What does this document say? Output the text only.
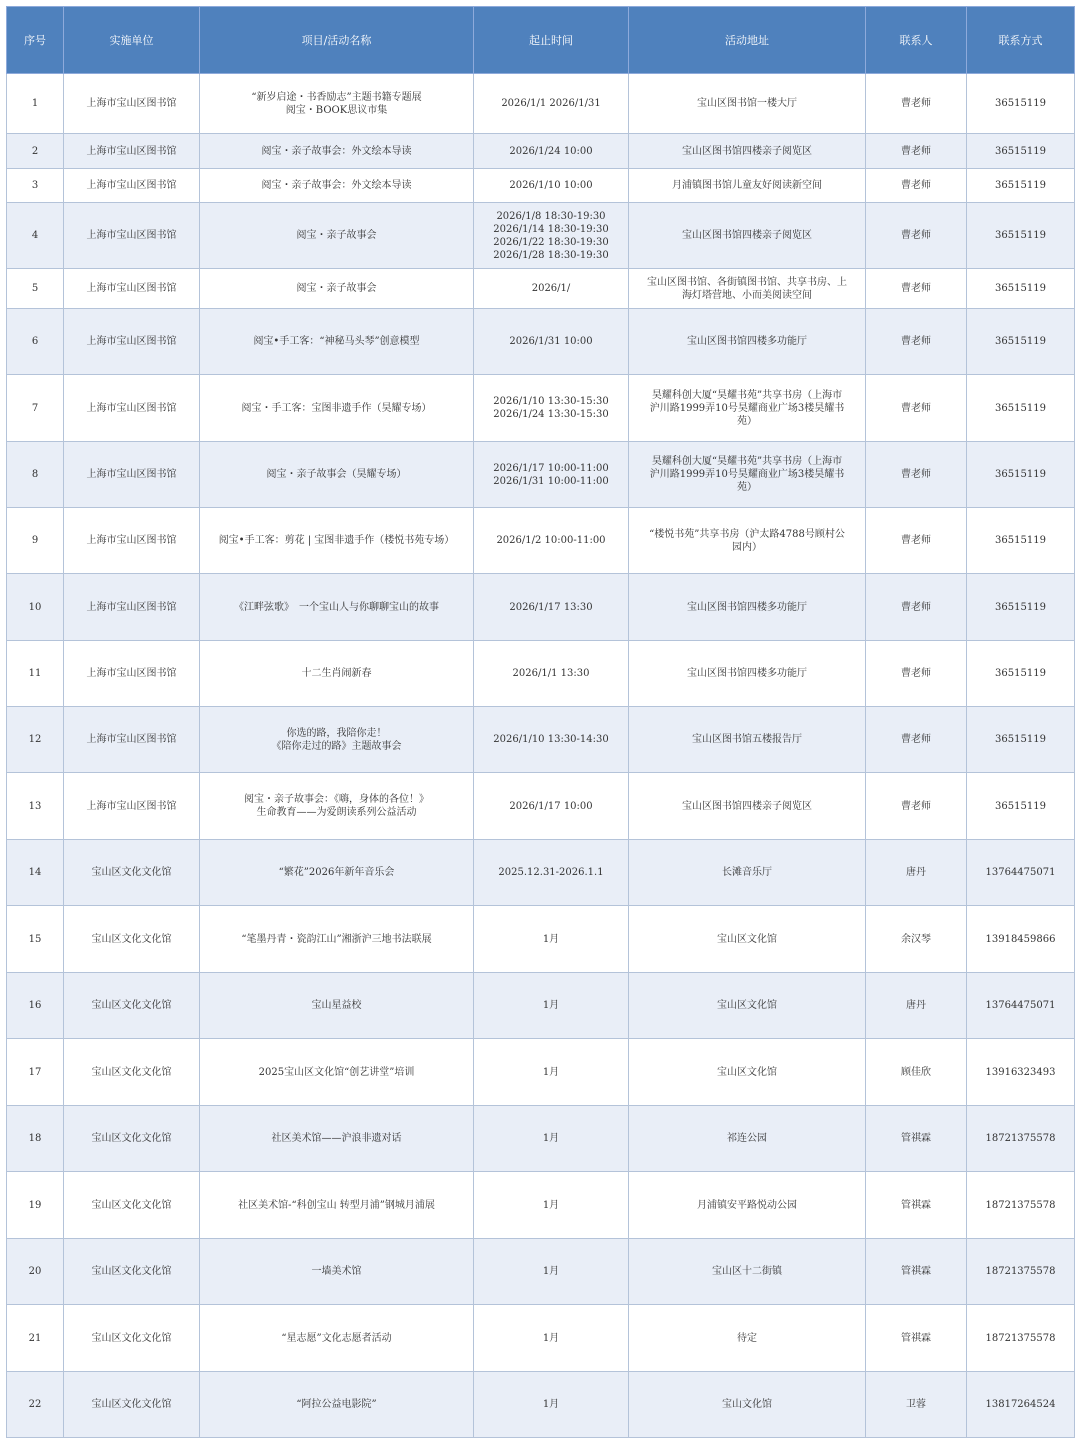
序号	实施单位	项目/活动名称	起止时间	活动地址	联系人	联系方式
1	上海市宝山区图书馆	“新岁启途・书香励志”主题书籍专题展
阅宝・BOOK思议市集	2026/1/1 2026/1/31	宝山区图书馆一楼大厅	曹老师	36515119
2	上海市宝山区图书馆	阅宝・亲子故事会：外文绘本导读	2026/1/24 10:00	宝山区图书馆四楼亲子阅览区	曹老师	36515119
3	上海市宝山区图书馆	阅宝・亲子故事会：外文绘本导读	2026/1/10 10:00	月浦镇图书馆儿童友好阅读新空间	曹老师	36515119
4	上海市宝山区图书馆	阅宝・亲子故事会	2026/1/8 18:30-19:30
2026/1/14 18:30-19:30
2026/1/22 18:30-19:30
2026/1/28 18:30-19:30	宝山区图书馆四楼亲子阅览区	曹老师	36515119
5	上海市宝山区图书馆	阅宝・亲子故事会	2026/1/	宝山区图书馆、各街镇图书馆、共享书房、上
海灯塔营地、小而美阅读空间	曹老师	36515119
6	上海市宝山区图书馆	阅宝•手工客：“神秘马头琴”创意模型	2026/1/31 10:00	宝山区图书馆四楼多功能厅	曹老师	36515119
7	上海市宝山区图书馆	阅宝・手工客：宝图非遗手作（昊耀专场）	2026/1/10 13:30-15:30
2026/1/24 13:30-15:30	昊耀科创大厦“昊耀书苑”共享书房（上海市
沪川路1999弄10号昊耀商业广场3楼昊耀书
苑）	曹老师	36515119
8	上海市宝山区图书馆	阅宝・亲子故事会（昊耀专场）	2026/1/17 10:00-11:00
2026/1/31 10:00-11:00	昊耀科创大厦“昊耀书苑”共享书房（上海市
沪川路1999弄10号昊耀商业广场3楼昊耀书
苑）	曹老师	36515119
9	上海市宝山区图书馆	阅宝•手工客：剪花 | 宝图非遗手作（楼悦书苑专场）	2026/1/2 10:00-11:00	“楼悦书苑”共享书房（沪太路4788号顾村公
园内）	曹老师	36515119
10	上海市宝山区图书馆	《江畔弦歌》　一个宝山人与你聊聊宝山的故事	2026/1/17 13:30	宝山区图书馆四楼多功能厅	曹老师	36515119
11	上海市宝山区图书馆	十二生肖闹新春	2026/1/1 13:30	宝山区图书馆四楼多功能厅	曹老师	36515119
12	上海市宝山区图书馆	你选的路，我陪你走！
《陪你走过的路》主题故事会	2026/1/10 13:30-14:30	宝山区图书馆五楼报告厅	曹老师	36515119
13	上海市宝山区图书馆	阅宝・亲子故事会：《嗨，身体的各位！》
生命教育——为爱朗读系列公益活动	2026/1/17 10:00	宝山区图书馆四楼亲子阅览区	曹老师	36515119
14	宝山区文化文化馆	“繁花”2026年新年音乐会	2025.12.31-2026.1.1	长滩音乐厅	唐丹	13764475071
15	宝山区文化文化馆	“笔墨丹青・瓷韵江山”湘浙沪三地书法联展	1月	宝山区文化馆	余汉琴	13918459866
16	宝山区文化文化馆	宝山星益校	1月	宝山区文化馆	唐丹	13764475071
17	宝山区文化文化馆	2025宝山区文化馆“创艺讲堂”培训	1月	宝山区文化馆	顾佳欣	13916323493
18	宝山区文化文化馆	社区美术馆——沪浪非遗对话	1月	祁连公园	管祺霖	18721375578
19	宝山区文化文化馆	社区美术馆-“科创宝山 转型月浦”钢城月浦展	1月	月浦镇安平路悦动公园	管祺霖	18721375578
20	宝山区文化文化馆	一墙美术馆	1月	宝山区十二街镇	管祺霖	18721375578
21	宝山区文化文化馆	“星志愿”文化志愿者活动	1月	待定	管祺霖	18721375578
22	宝山区文化文化馆	“阿拉公益电影院”	1月	宝山文化馆	卫蓉	13817264524
